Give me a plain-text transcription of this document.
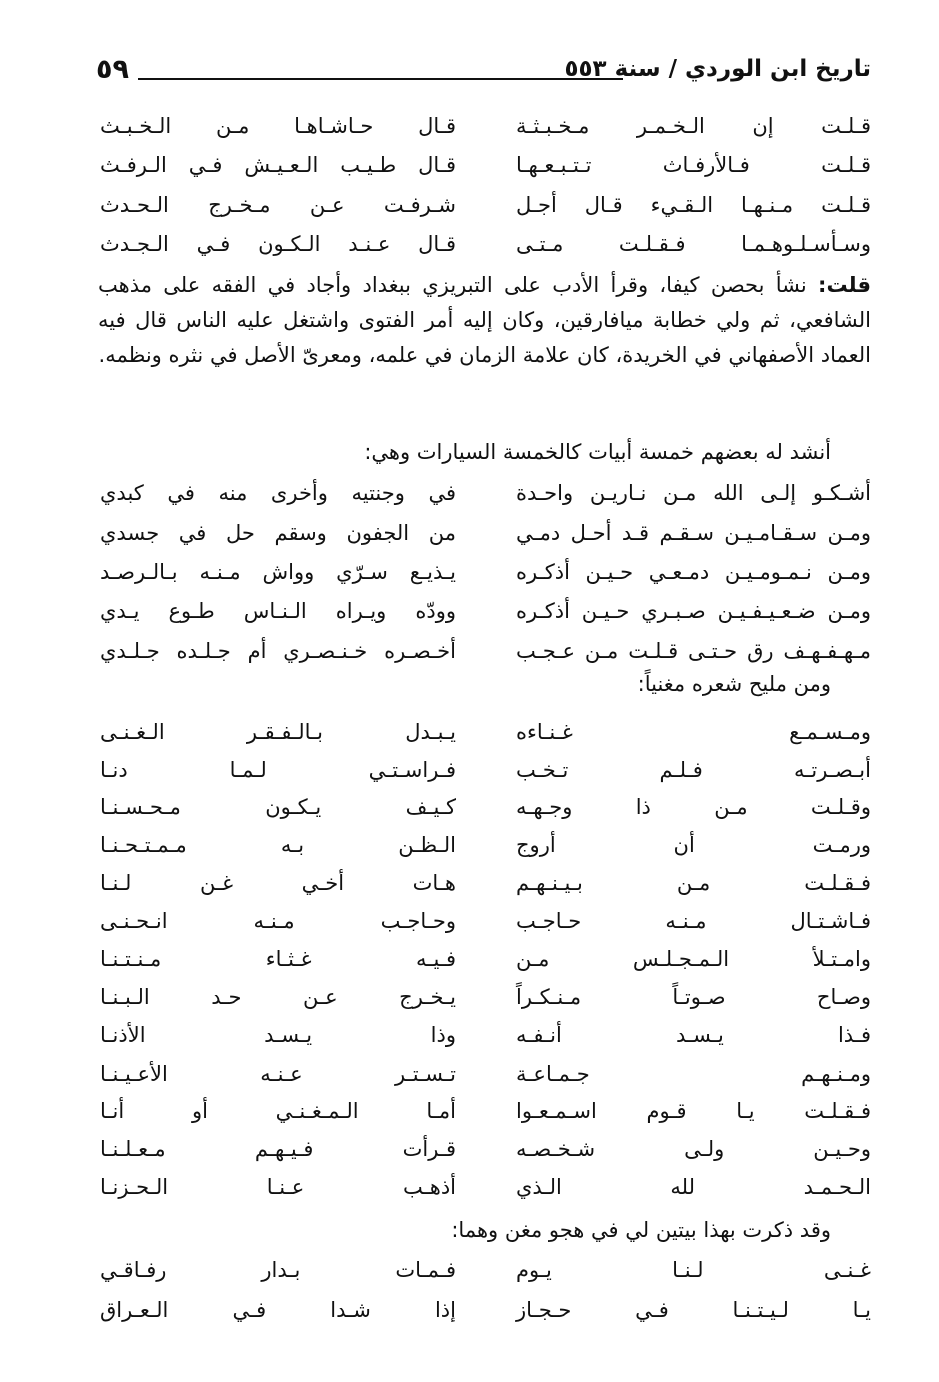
تاريخ ابن الوردي / سنة ٥٥٣
٥٩
قـلـت إن الـخـمـر مـخـبـثـة
قـال حـاشـاهـا مـن الـخـبـث
قـلـت فـالأرفـاث تـتـبـعـهـا
قـال طـيـب الـعـيـش فـي الـرفـث
قـلـت مـنـهـا الـقـيء قـال أجـل
شـرفـت عـن مـخـرج الـحـدث
وسـأسـلـوهـمـا فـقـلـت مـتـى
قـال عـنـد الـكـون فـي الـجـدث
قلت: نشأ بحصن كيفا، وقرأ الأدب على التبريزي ببغداد وأجاد في الفقه على مذهب الشافعي، ثم ولي خطابة ميافارقين، وكان إليه أمر الفتوى واشتغل عليه الناس قال فيه العماد الأصفهاني في الخريدة، كان علامة الزمان في علمه، ومعرىّ الأصل في نثره ونظمه.
أنشد له بعضهم خمسة أبيات كالخمسة السيارات وهي:
أشـكـو إلـى الله مـن نـاريـن واحـدة
في وجنتيه وأخرى منه في كبدي
ومـن سـقـامـيـن سـقـم قـد أحـل دمـي
من الجفون وسقم حل في جسدي
ومـن نـمـومـيـن دمـعـي حـيـن أذكـره
يـذيـع سـرّي وواش مـنـه بـالـرصـد
ومـن ضـعـيـفـيـن صـبـري حـيـن أذكـره
وودّه ويـراه الـنـاس طـوع يـدي
مـهـفـهـف رق حـتـى قـلـت مـن عـجـب
أخـصـره خـنـصـري أم جـلـده جـلـدي
ومن مليح شعره مغنياً:
ومـسـمـع غـنـاءه
يـبـدل بـالـفـقـر الـغـنـى
أبـصـرتـه فـلـم تـخـب
فـراسـتـي لـمـا دنـا
وقـلـت مـن ذا وجـهـه
كـيـف يـكـون مـحـسـنـا
ورمـت أن أروج
الـظـن بـه مـمـتـحـنـا
فـقـلـت مـن بـيـنـهـم
هـات أخـي غـن لـنـا
فـاشـتـال مـنـه حـاجـب
وحـاجـب مـنـه انـحـنـى
وامـتـلأ الـمـجـلـس مـن
فـيـه غـثـاء مـنـتـنـا
وصـاح صـوتـاً مـنـكـراً
يـخـرج عـن حـد الـبـنـا
فـذا يـسـد أنـفـه
وذا يـسـد الأذنـا
ومـنـهـم جـمـاعـة
تـسـتـر عـنـه الأعـيـنـا
فـقـلـت يـا قـوم اسـمـعـوا
أمـا الـمـغـنـي أو أنـا
وحـيـن ولـى شـخـصـه
قـرأت فـيـهـم مـعـلـنـا
الـحـمـد لله الـذي
أذهـب عـنـا الـحـزنـا
وقد ذكرت بهذا بيتين لي في هجو مغن وهما:
غـنـى لـنـا يـوم
فـمـات بـدار رفـاقـي
يـا لـيـتـنـا فـي حـجـاز
إذا شـدا فـي الـعـراق
